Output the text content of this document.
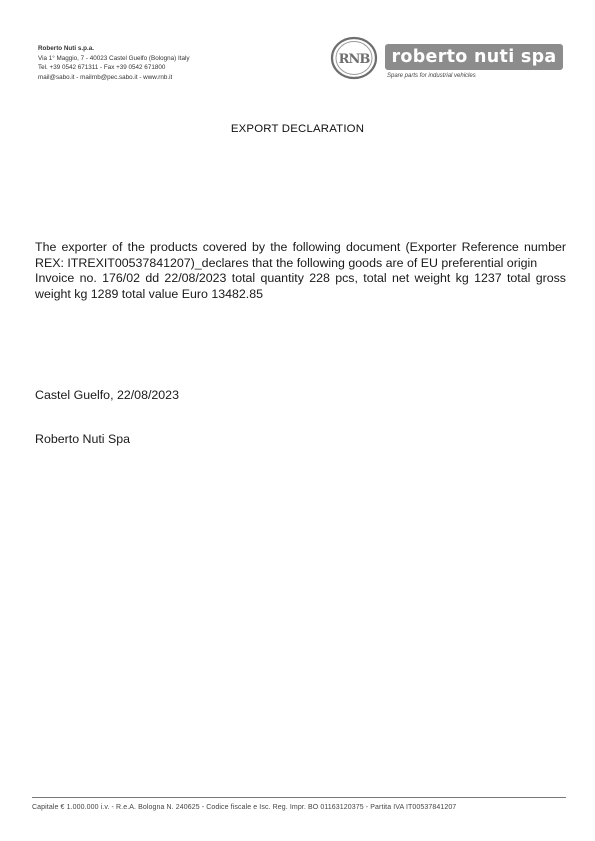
Roberto Nuti s.p.a.
Via 1° Maggio, 7 - 40023 Castel Guelfo (Bologna) Italy
Tel. +39 0542 671311 - Fax +39 0542 671800
mail@sabo.it - mailrnb@pec.sabo.it - www.rnb.it
RNB	roberto nuti spa
Spare parts for industrial vehicles
EXPORT DECLARATION
The exporter of the products covered by the following document (Exporter Reference number REX: ITREXIT00537841207)_declares that the following goods are of EU preferential origin
Invoice no. 176/02 dd 22/08/2023 total quantity 228 pcs, total net weight kg 1237 total gross weight kg 1289 total value Euro 13482.85
Castel Guelfo, 22/08/2023
Roberto Nuti Spa
Capitale € 1.000.000 i.v. - R.e.A. Bologna N. 240625 - Codice fiscale e Isc. Reg. Impr. BO 01163120375 - Partita IVA IT00537841207
